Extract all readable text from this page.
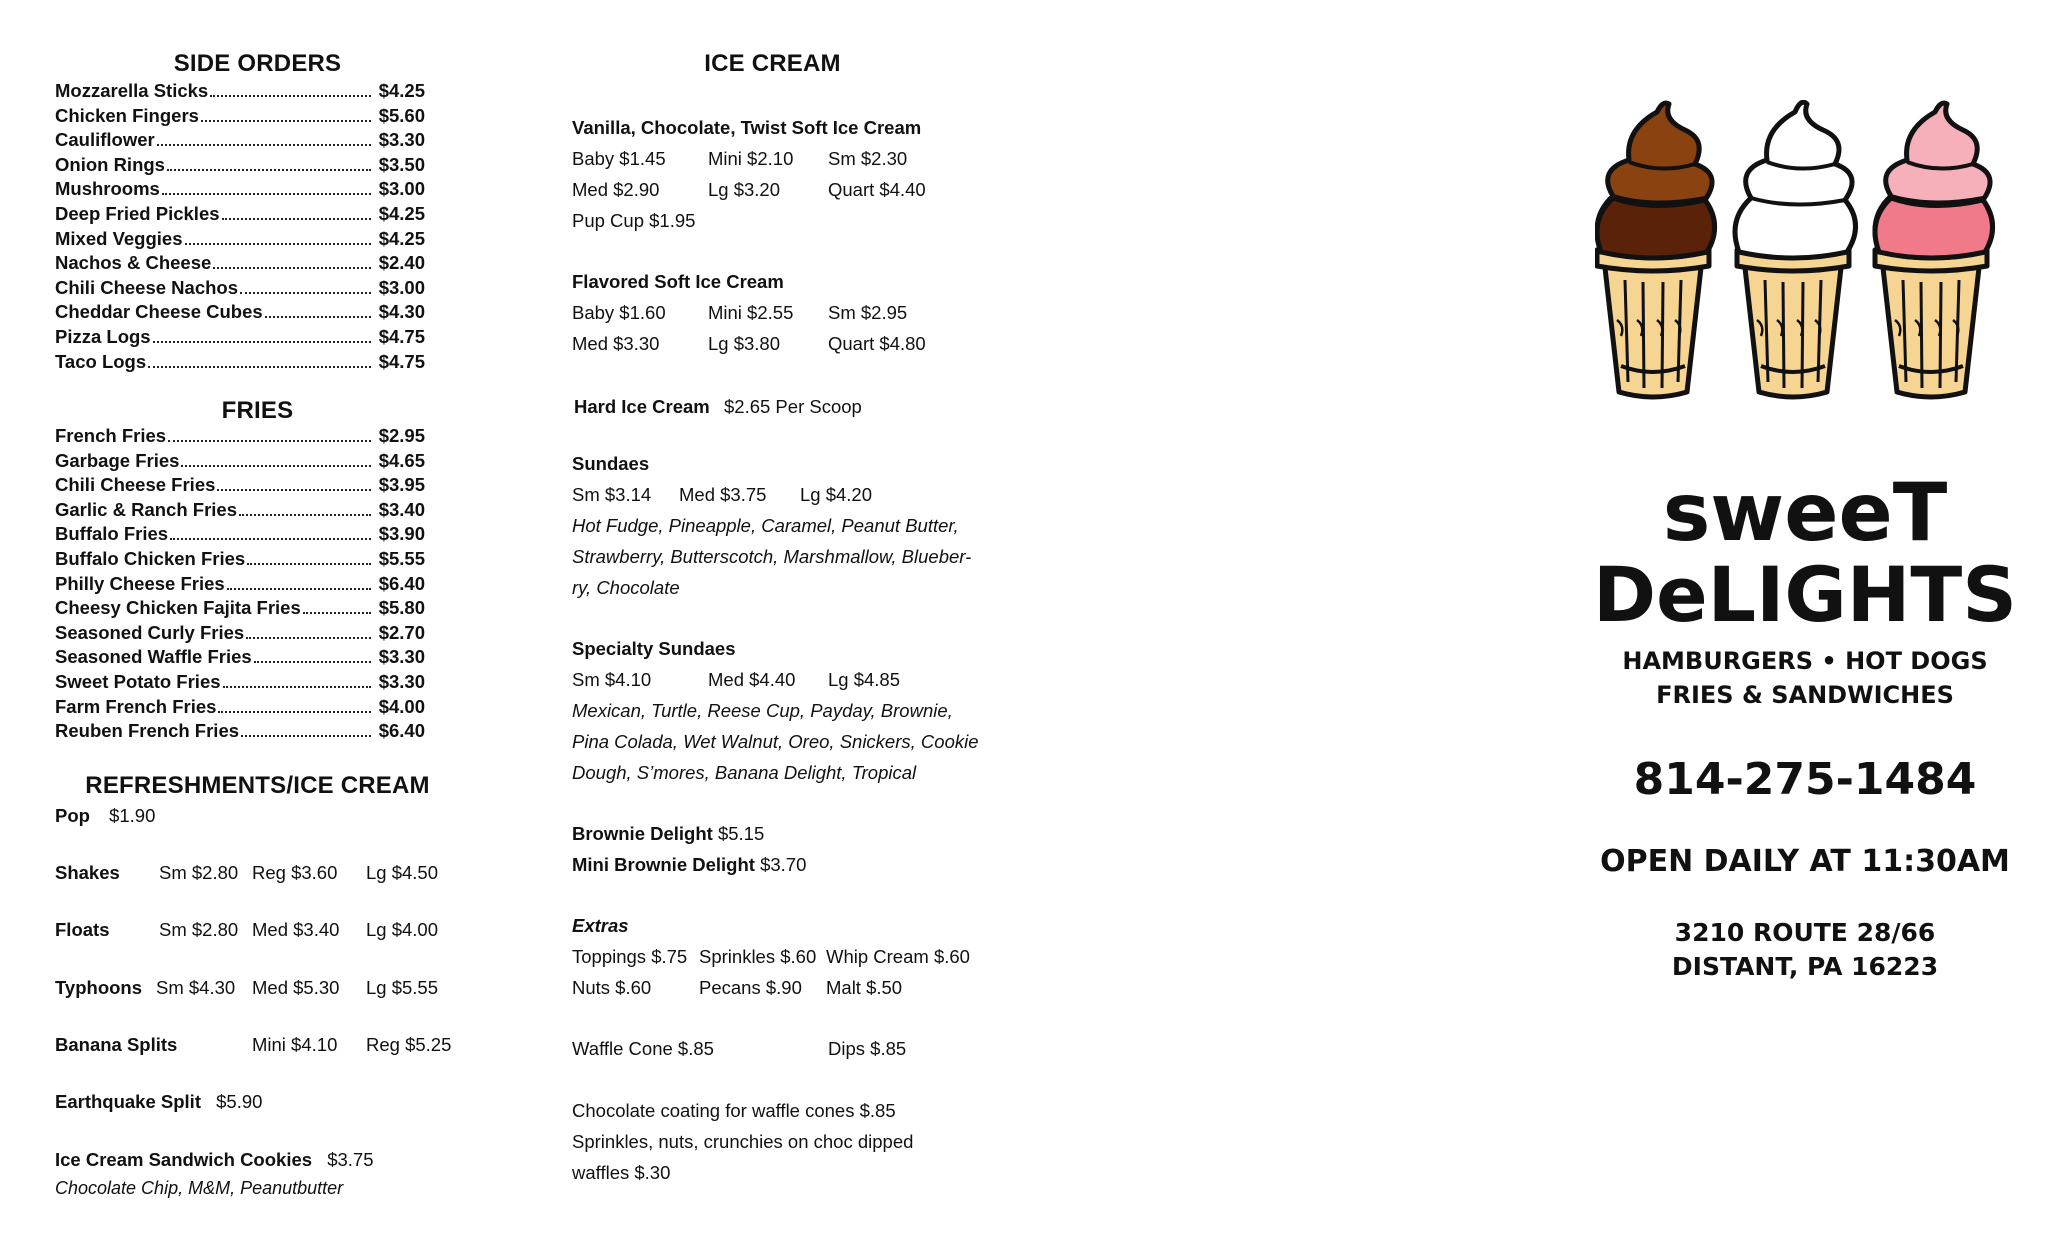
SIDE ORDERS
Mozzarella Sticks	$4.25
Chicken Fingers	$5.60
Cauliflower	$3.30
Onion Rings	$3.50
Mushrooms	$3.00
Deep Fried Pickles	$4.25
Mixed Veggies	$4.25
Nachos & Cheese	$2.40
Chili Cheese Nachos	$3.00
Cheddar Cheese Cubes	$4.30
Pizza Logs	$4.75
Taco Logs	$4.75
FRIES
French Fries	$2.95
Garbage Fries	$4.65
Chili Cheese Fries	$3.95
Garlic & Ranch Fries	$3.40
Buffalo Fries	$3.90
Buffalo Chicken Fries	$5.55
Philly Cheese Fries	$6.40
Cheesy Chicken Fajita Fries	$5.80
Seasoned Curly Fries	$2.70
Seasoned Waffle Fries	$3.30
Sweet Potato Fries	$3.30
Farm French Fries	$4.00
Reuben French Fries	$6.40
REFRESHMENTS/ICE CREAM
Pop $1.90
Shakes Sm $2.80 Reg $3.60 Lg $4.50
Floats	Sm $2.80 Med $3.40 Lg $4.00
Typhoons Sm $4.30 Med $5.30 Lg $5.55
Banana Splits	Mini $4.10 Reg $5.25
Earthquake Split $5.90
Ice Cream Sandwich Cookies $3.75
Chocolate Chip, M&M, Peanutbutter
ICE CREAM
Vanilla, Chocolate, Twist Soft Ice Cream
Baby $1.45 Mini $2.10 Sm $2.30
Med $2.90	Lg $3.20	Quart $4.40
Pup Cup $1.95
Flavored Soft Ice Cream
Baby $1.60 Mini $2.55 Sm $2.95
Med $3.30	Lg $3.80	Quart $4.80
Hard Ice Cream $2.65 Per Scoop
Sundaes
Sm $3.14 Med $3.75 Lg $4.20
Hot Fudge, Pineapple, Caramel, Peanut Butter,
Strawberry, Butterscotch, Marshmallow, Blueber-
ry, Chocolate
Specialty Sundaes
Sm $4.10	Med $4.40 Lg $4.85
Mexican, Turtle, Reese Cup, Payday, Brownie,
Pina Colada, Wet Walnut, Oreo, Snickers, Cookie
Dough, S’mores, Banana Delight, Tropical
Brownie Delight $5.15
Mini Brownie Delight $3.70
Extras
Toppings $.75 Sprinkles $.60 Whip Cream $.60
Nuts $.60	Pecans $.90 Malt $.50
Waffle Cone $.85	Dips $.85
Chocolate coating for waffle cones $.85
Sprinkles, nuts, crunchies on choc dipped
waffles $.30
sweeT
DeLIGHTS
HAMBURGERS • HOT DOGS
FRIES & SANDWICHES
814-275-1484
OPEN DAILY AT 11:30AM
3210 ROUTE 28/66
DISTANT, PA 16223
